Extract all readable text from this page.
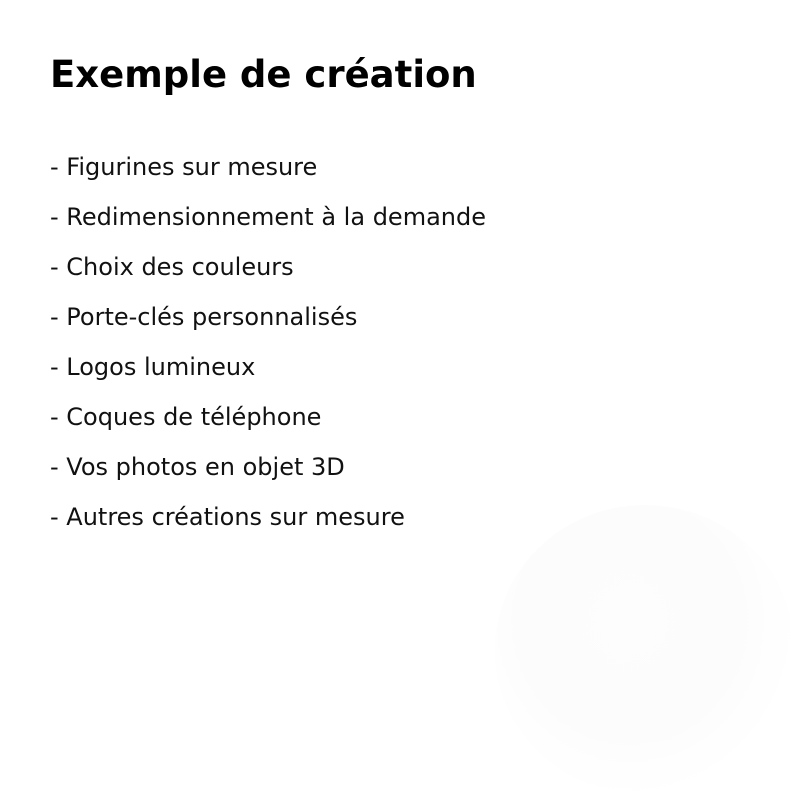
Exemple de création
- Figurines sur mesure
- Redimensionnement à la demande
- Choix des couleurs
- Porte-clés personnalisés
- Logos lumineux
- Coques de téléphone
- Vos photos en objet 3D
- Autres créations sur mesure
